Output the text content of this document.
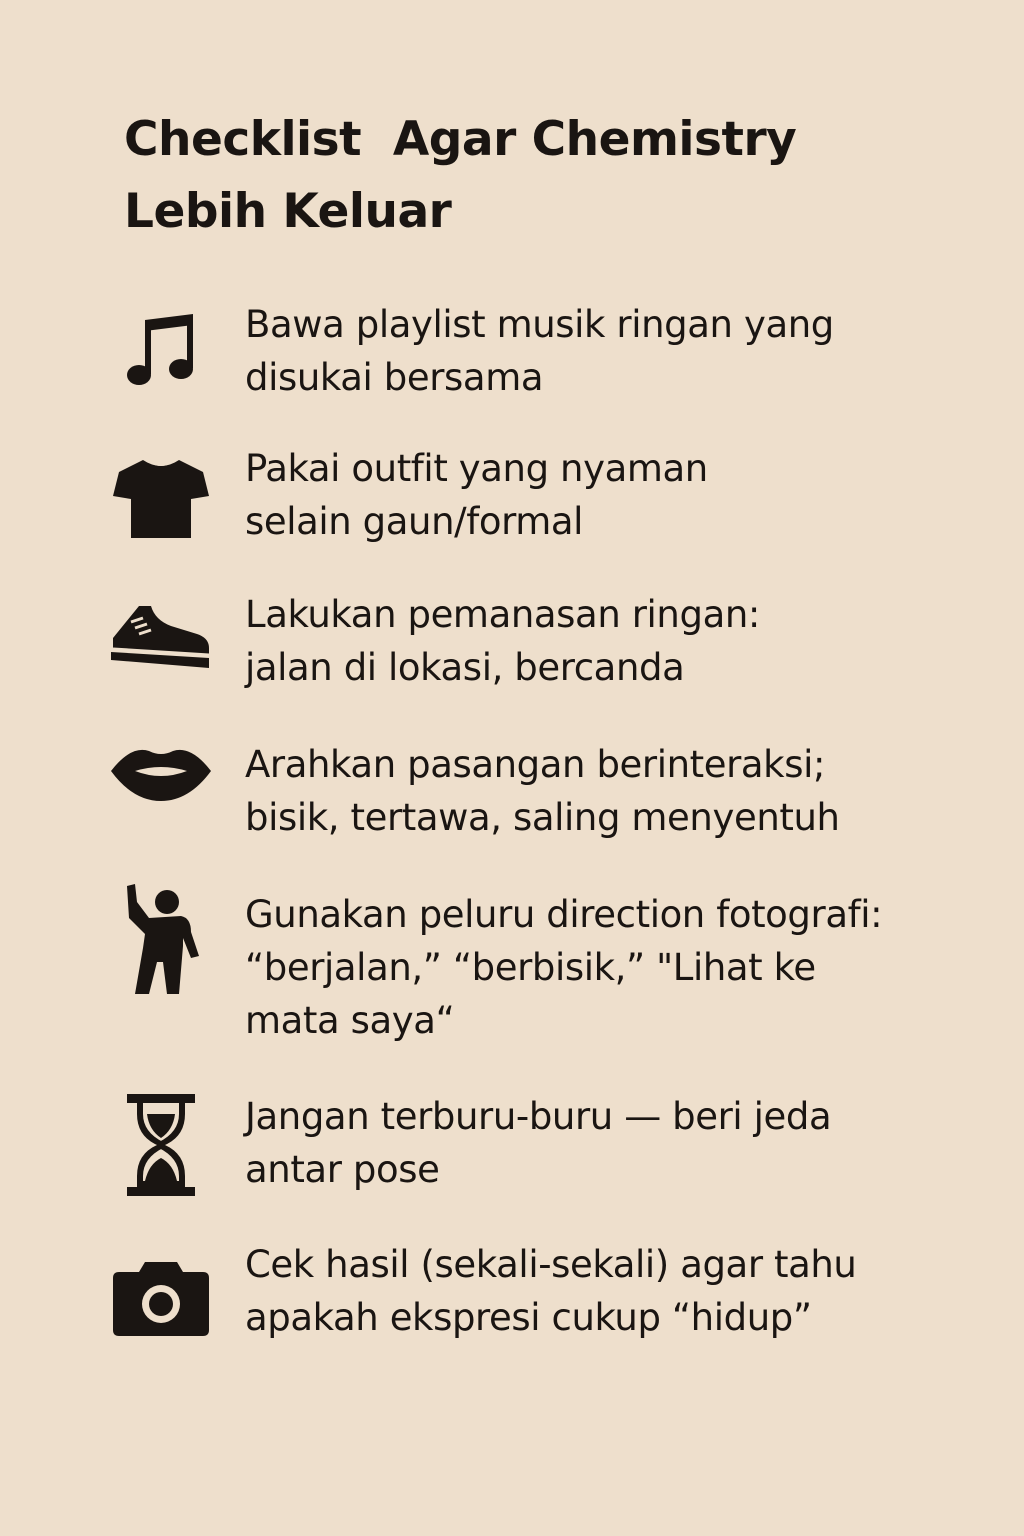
Checklist  Agar Chemistry
Lebih Keluar
Bawa playlist musik ringan yang
disukai bersama
Pakai outfit yang nyaman
selain gaun/formal
Lakukan pemanasan ringan:
jalan di lokasi, bercanda
Arahkan pasangan berinteraksi;
bisik, tertawa, saling menyentuh
Gunakan peluru direction fotografi:
“berjalan,” “berbisik,” "Lihat ke
mata saya“
Jangan terburu-buru — beri jeda
antar pose
Cek hasil (sekali-sekali) agar tahu
apakah ekspresi cukup “hidup”
